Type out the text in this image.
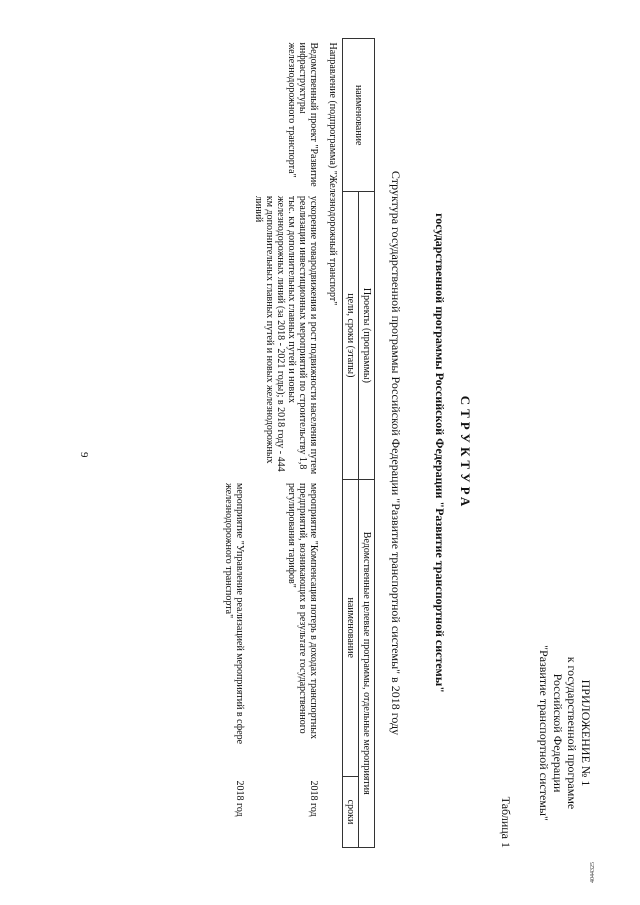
9
4044325
ПРИЛОЖЕНИЕ № 1
к государственной программе
Российской Федерации
"Развитие транспортной системы"
Таблица 1
СТРУКТУРА
государственной программы Российской Федерации "Развитие транспортной системы"
Структура государственной программы Российской Федерации "Развитие транспортной системы" в 2018 году
наименование	Проекты (программы)	Ведомственные целевые программы, отдельные мероприятия	
	цели, сроки (этапы)	наименование	сроки
Направление (подпрограмма) "Железнодорожный транспорт"			
Ведомственный проект "Развитие инфраструктуры железнодорожного транспорта"	ускорение товародвижения и рост подвижности населения путем реализации инвестиционных мероприятий по строительству 1,8 тыс. км дополнительных главных путей и новых железнодорожных линий (за 2018 - 2021 годы); в 2018 году - 444 км дополнительных главных путей и новых железнодорожных линий	мероприятие "Компенсация потерь в доходах транспортных предприятий, возникающих в результате государственного регулирования тарифов"	2018 год
		мероприятие "Управление реализацией мероприятий в сфере железнодорожного транспорта"	2018 год
